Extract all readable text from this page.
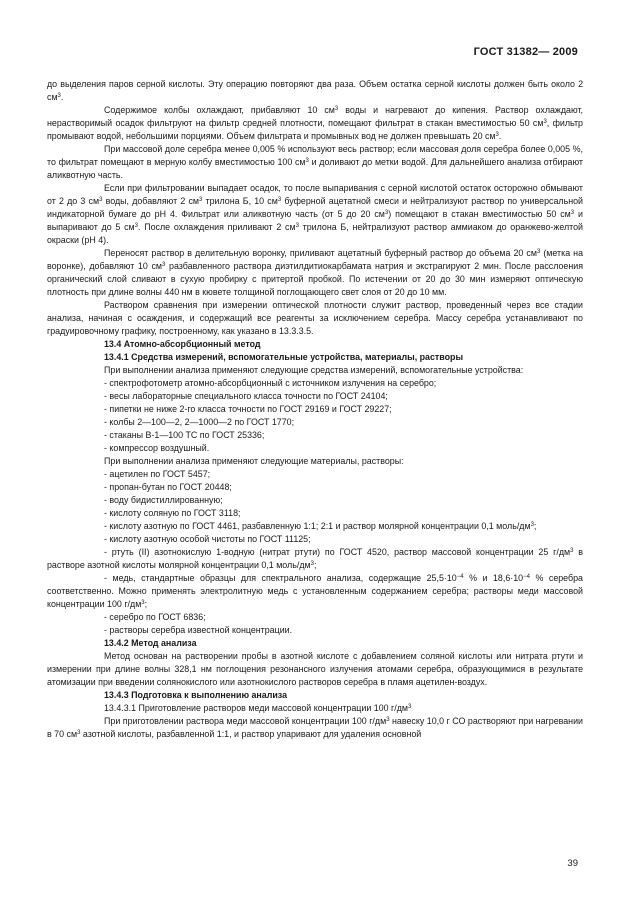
ГОСТ 31382— 2009

до выделения паров серной кислоты. Эту операцию повторяют два раза. Объем остатка серной кислоты должен быть около 2 $см^3$.

Содержимое колбы охлаждают, прибавляют 10 $см^3$ воды и нагревают до кипения. Раствор охлаждают, нерастворимый осадок фильтруют на фильтр средней плотности, помещают фильтрат в стакан вместимостью 50 $см^3$, фильтр промывают водой, небольшими порциями. Объем фильтрата и промывных вод не должен превышать 20 $см^3$.

При массовой доле серебра менее 0,005 % используют весь раствор; если массовая доля серебра более 0,005 %, то фильтрат помещают в мерную колбу вместимостью 100 $см^3$ и доливают до метки водой. Для дальнейшего анализа отбирают аликвотную часть.

Если при фильтровании выпадает осадок, то после выпаривания с серной кислотой остаток осторожно обмывают от 2 до 3 $см^3$ воды, добавляют 2 $см^3$ трилона Б, 10 $см^3$ буферной ацетатной смеси и нейтрализуют раствор по универсальной индикаторной бумаге до рН 4. Фильтрат или аликвотную часть (от 5 до 20 $см^3$) помещают в стакан вместимостью 50 $см^3$ и выпаривают до 5 $см^3$. После охлаждения приливают 2 $см^3$ трилона Б, нейтрализуют раствор аммиаком до оранжево-желтой окраски (рН 4).

Переносят раствор в делительную воронку, приливают ацетатный буферный раствор до объема 20 $см^3$ (метка на воронке), добавляют 10 $см^3$ разбавленного раствора диэтилдитиокарбамата натрия и экстрагируют 2 мин. После расслоения органический слой сливают в сухую пробирку с притертой пробкой. По истечении от 20 до 30 мин измеряют оптическую плотность при длине волны 440 нм в кювете толщиной поглощающего свет слоя от 20 до 10 мм.

Раствором сравнения при измерении оптической плотности служит раствор, проведенный через все стадии анализа, начиная с осаждения, и содержащий все реагенты за исключением серебра. Массу серебра устанавливают по градуировочному графику, построенному, как указано в 13.3.3.5.

13.4 Атомно-абсорбционный метод

13.4.1 Средства измерений, вспомогательные устройства, материалы, растворы

При выполнении анализа применяют следующие средства измерений, вспомогательные устройства:

- спектрофотометр атомно-абсорбционный с источником излучения на серебро;

- весы лабораторные специального класса точности по ГОСТ 24104;

- пипетки не ниже 2-го класса точности по ГОСТ 29169 и ГОСТ 29227;

- колбы 2—100—2, 2—1000—2 по ГОСТ 1770;

- стаканы В-1—100 ТС по ГОСТ 25336;

- компрессор воздушный.

При выполнении анализа применяют следующие материалы, растворы:

- ацетилен по ГОСТ 5457;

- пропан-бутан по ГОСТ 20448;

- воду бидистиллированную;

- кислоту соляную по ГОСТ 3118;

- кислоту азотную по ГОСТ 4461, разбавленную 1:1; 2:1 и раствор молярной концентрации 0,1 моль/$дм^3$;

- кислоту азотную особой чистоты по ГОСТ 11125;

- ртуть (II) азотнокислую 1-водную (нитрат ртути) по ГОСТ 4520, раствор массовой концентрации 25 $г/дм^3$ в растворе азотной кислоты молярной концентрации 0,1 моль/$дм^3$;

- медь, стандартные образцы для спектрального анализа, содержащие $25,5\cdot 10^{-4}$ % и $18,6\cdot 10^{-4}$ % серебра соответственно. Можно применять электролитную медь с установленным содержанием серебра; растворы меди массовой концентрации 100 $г/дм^3$;

- серебро по ГОСТ 6836;

- растворы серебра известной концентрации.

13.4.2 Метод анализа

Метод основан на растворении пробы в азотной кислоте с добавлением соляной кислоты или нитрата ртути и измерении при длине волны 328,1 нм поглощения резонансного излучения атомами серебра, образующимися в результате атомизации при введении солянокислого или азотнокислого растворов серебра в пламя ацетилен-воздух.

13.4.3 Подготовка к выполнению анализа

13.4.3.1 Приготовление растворов меди массовой концентрации 100 $г/дм^3$

При приготовлении раствора меди массовой концентрации 100 $г/дм^3$ навеску 10,0 г СО растворяют при нагревании в 70 $см^3$ азотной кислоты, разбавленной 1:1, и раствор упаривают для удаления основной

39
